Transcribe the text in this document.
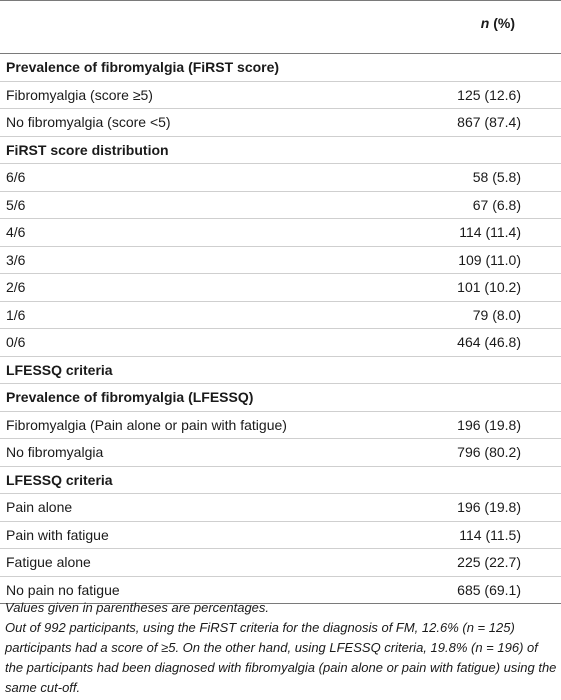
n (%)
Prevalence of fibromyalgia (FiRST score)
Fibromyalgia (score ≥5)	125 (12.6)
No fibromyalgia (score <5)	867 (87.4)
FiRST score distribution
6/6	58 (5.8)
5/6	67 (6.8)
4/6	114 (11.4)
3/6	109 (11.0)
2/6	101 (10.2)
1/6	79 (8.0)
0/6	464 (46.8)
LFESSQ criteria
Prevalence of fibromyalgia (LFESSQ)
Fibromyalgia (Pain alone or pain with fatigue)	196 (19.8)
No fibromyalgia	796 (80.2)
LFESSQ criteria
Pain alone	196 (19.8)
Pain with fatigue	114 (11.5)
Fatigue alone	225 (22.7)
No pain no fatigue	685 (69.1)

Values given in parentheses are percentages.

Out of 992 participants, using the FiRST criteria for the diagnosis of FM, 12.6% (n = 125) participants had a score of ≥5. On the other hand, using LFESSQ criteria, 19.8% (n = 196) of the participants had been diagnosed with fibromyalgia (pain alone or pain with fatigue) using the same cut-off.
